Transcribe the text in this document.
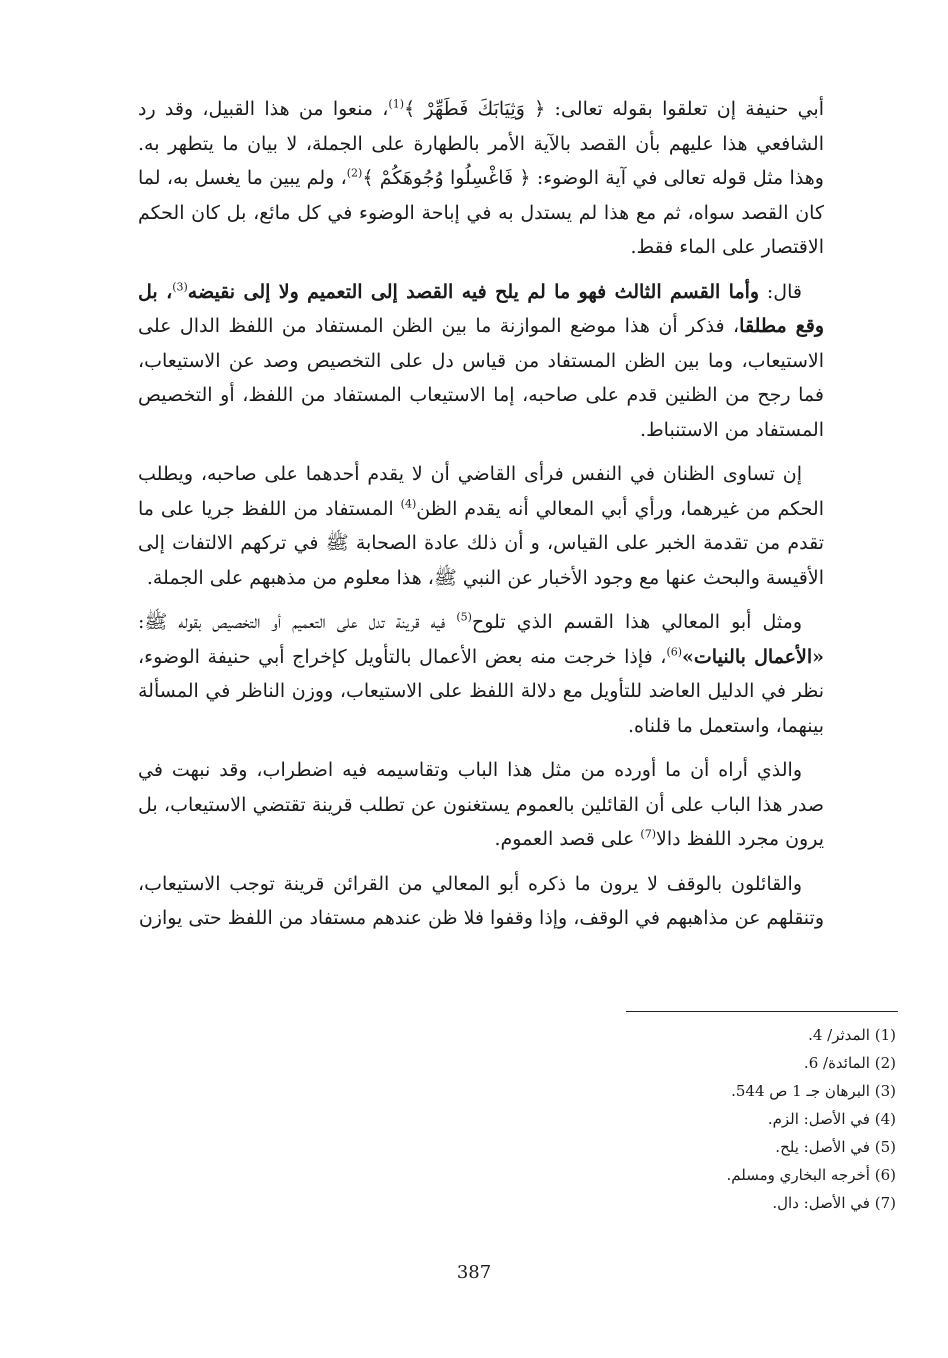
أبي حنيفة إن تعلقوا بقوله تعالى: ﴿ وَثِيَابَكَ فَطَهِّرْ ﴾$^{(1)}$، منعوا من هذا القبيل، وقد رد الشافعي هذا عليهم بأن القصد بالآية الأمر بالطهارة على الجملة، لا بيان ما يتطهر به. وهذا مثل قوله تعالى في آية الوضوء: ﴿ فَاغْسِلُوا وُجُوهَكُمْ ﴾$^{(2)}$، ولم يبين ما يغسل به، لما كان القصد سواه، ثم مع هذا لم يستدل به في إباحة الوضوء في كل مائع، بل كان الحكم الاقتصار على الماء فقط.

قال: وأما القسم الثالث فهو ما لم يلح فيه القصد إلى التعميم ولا إلى نقيضه$^{(3)}$، بل وقع مطلقا، فذكر أن هذا موضع الموازنة ما بين الظن المستفاد من اللفظ الدال على الاستيعاب، وما بين الظن المستفاد من قياس دل على التخصيص وصد عن الاستيعاب، فما رجح من الظنين قدم على صاحبه، إما الاستيعاب المستفاد من اللفظ، أو التخصيص المستفاد من الاستنباط.

إن تساوى الظنان في النفس فرأى القاضي أن لا يقدم أحدهما على صاحبه، ويطلب الحكم من غيرهما، ورأي أبي المعالي أنه يقدم الظن$^{(4)}$ المستفاد من اللفظ جريا على ما تقدم من تقدمة الخبر على القياس، و أن ذلك عادة الصحابة ﷺ في تركهم الالتفات إلى الأقيسة والبحث عنها مع وجود الأخبار عن النبي ﷺ، هذا معلوم من مذهبهم على الجملة.

ومثل أبو المعالي هذا القسم الذي تلوح$^{(5)}$ فيه قرينة تدل على التعميم أو التخصيص بقوله ﷺ: «الأعمال بالنيات»$^{(6)}$، فإذا خرجت منه بعض الأعمال بالتأويل كإخراج أبي حنيفة الوضوء، نظر في الدليل العاضد للتأويل مع دلالة اللفظ على الاستيعاب، ووزن الناظر في المسألة بينهما، واستعمل ما قلناه.

والذي أراه أن ما أورده من مثل هذا الباب وتقاسيمه فيه اضطراب، وقد نبهت في صدر هذا الباب على أن القائلين بالعموم يستغنون عن تطلب قرينة تقتضي الاستيعاب، بل يرون مجرد اللفظ دالا$^{(7)}$ على قصد العموم.

والقائلون بالوقف لا يرون ما ذكره أبو المعالي من القرائن قرينة توجب الاستيعاب، وتنقلهم عن مذاهبهم في الوقف، وإذا وقفوا فلا ظن عندهم مستفاد من اللفظ حتى يوازن

(1) المدثر/ 4.

(2) المائدة/ 6.

(3) البرهان جـ 1 ص 544.

(4) في الأصل: الزم.

(5) في الأصل: يلح.

(6) أخرجه البخاري ومسلم.

(7) في الأصل: دال.

387
